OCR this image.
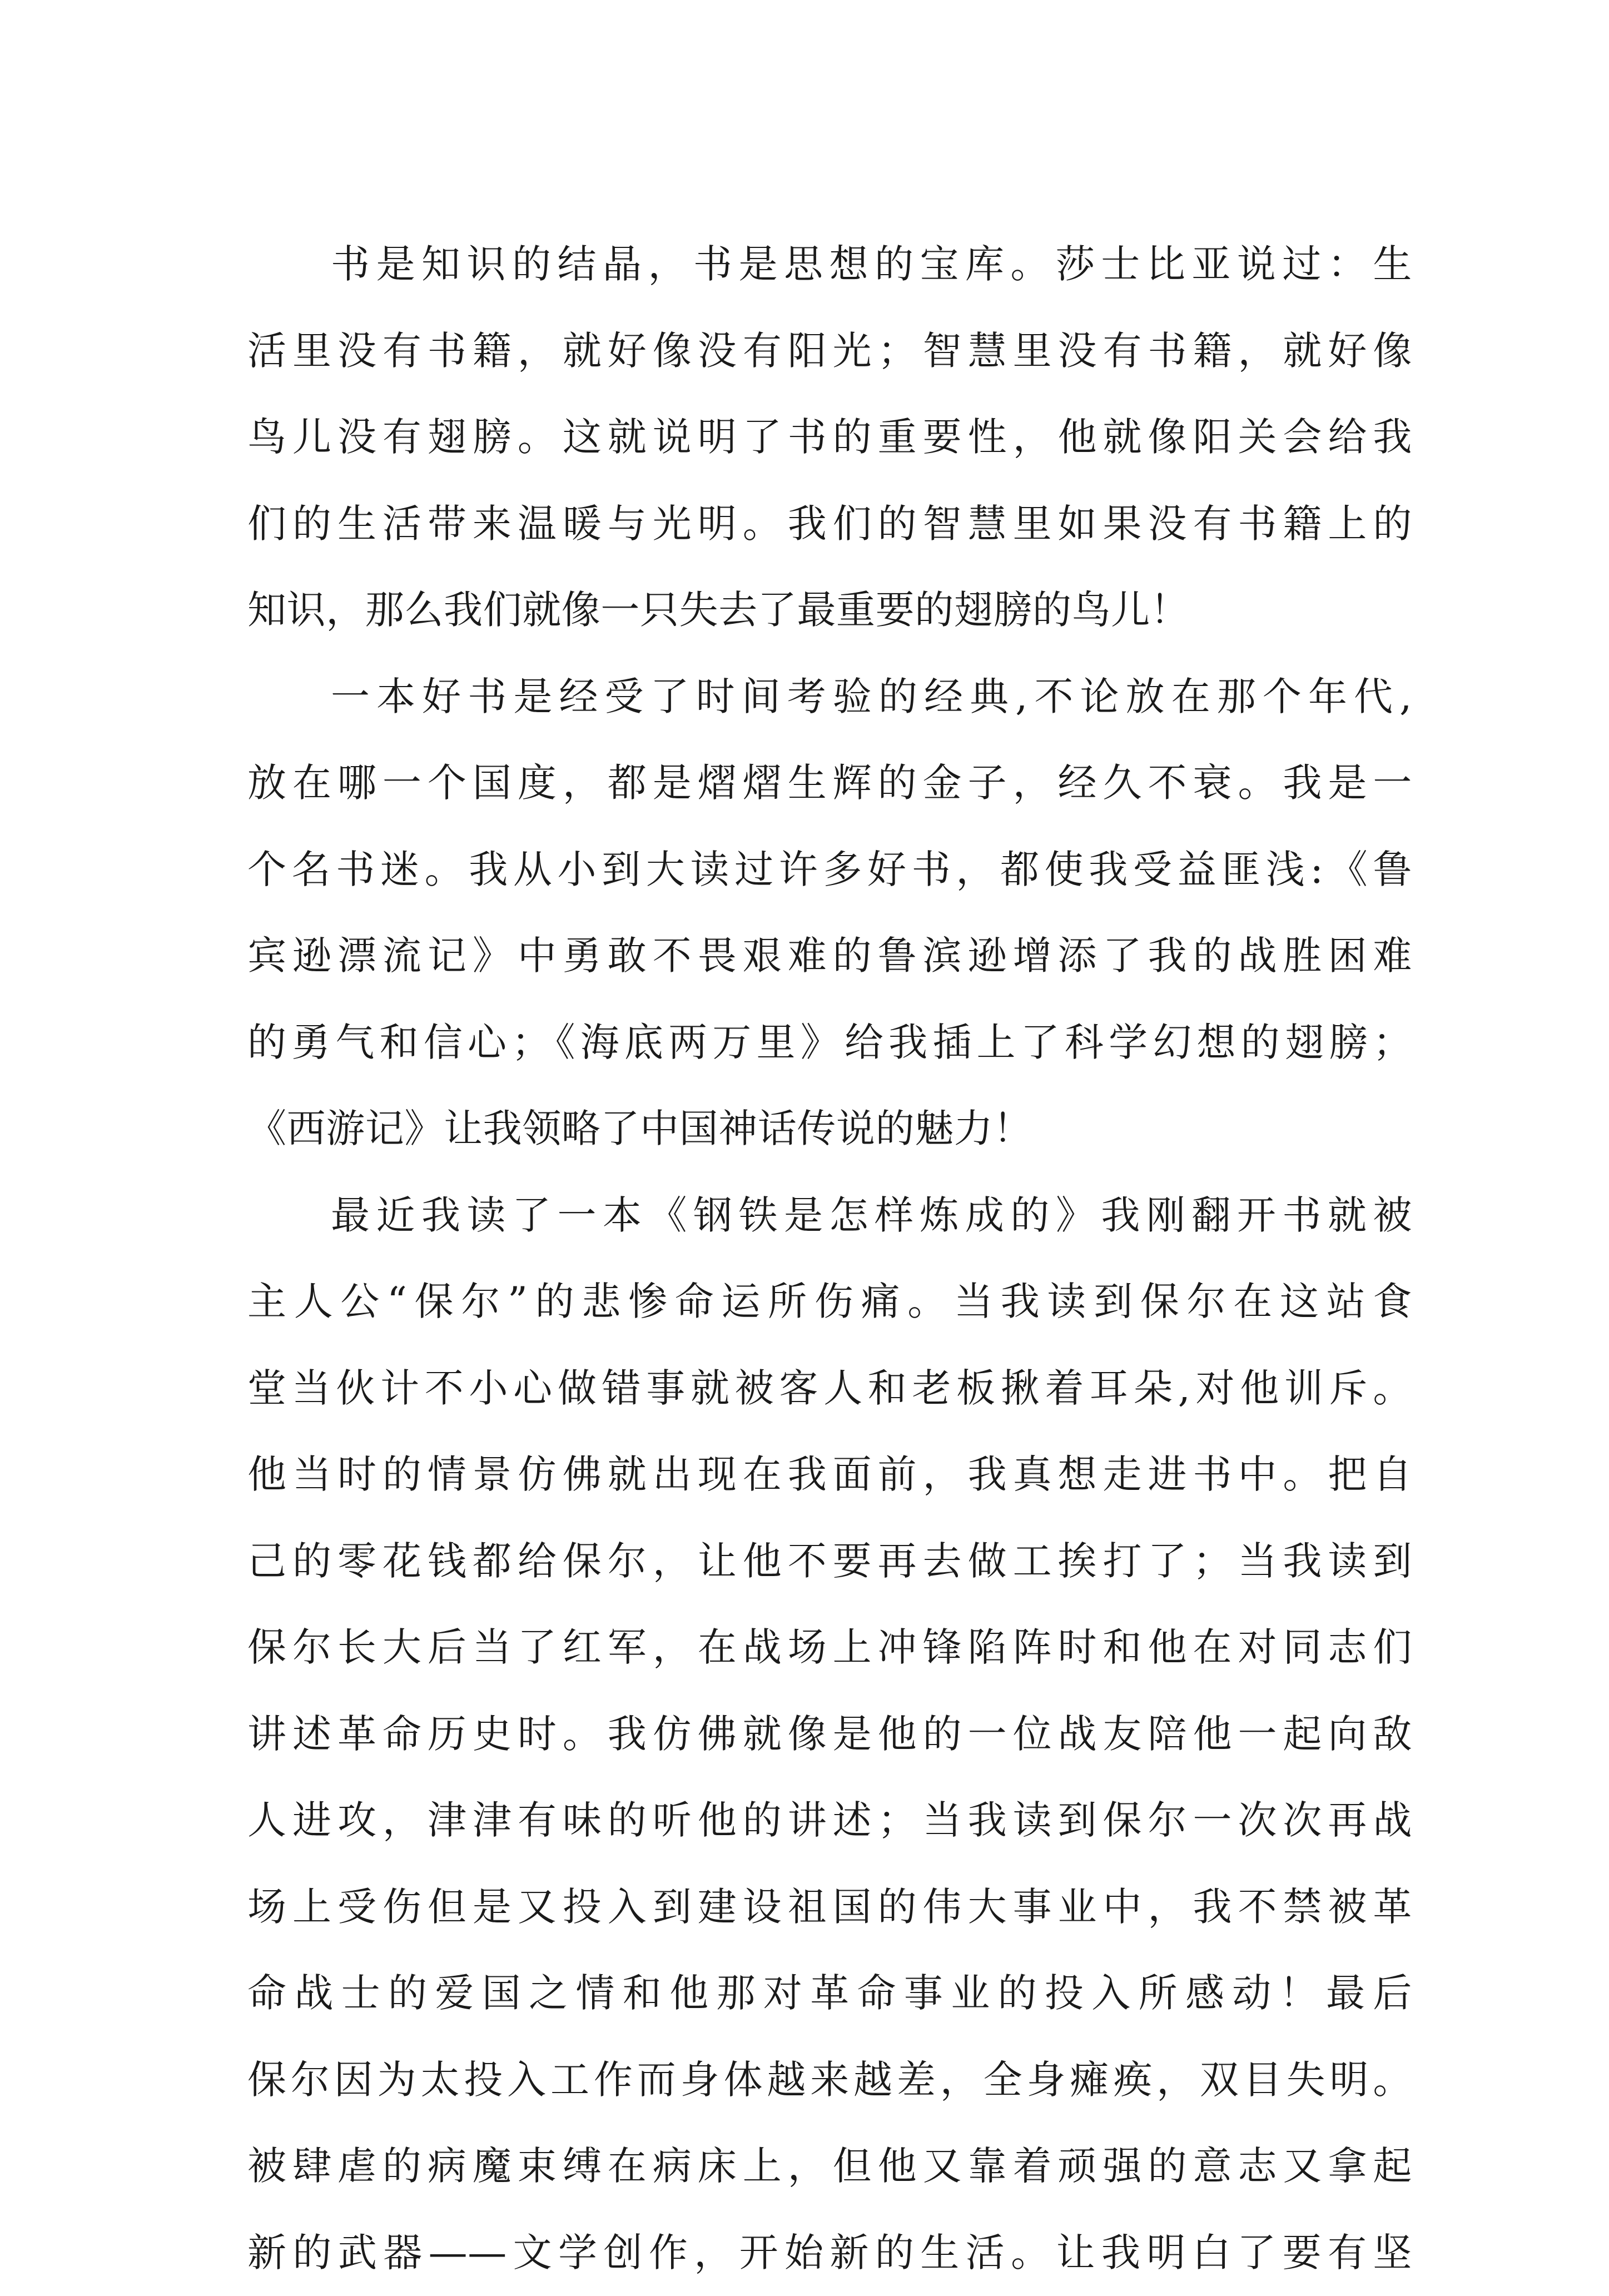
书是知识的结晶，书是思想的宝库。莎士比亚说过：生
活里没有书籍，就好像没有阳光；智慧里没有书籍，就好像
鸟儿没有翅膀。这就说明了书的重要性，他就像阳关会给我
们的生活带来温暖与光明。我们的智慧里如果没有书籍上的
知识，那么我们就像一只失去了最重要的翅膀的鸟儿！
一本好书是经受了时间考验的经典,不论放在那个年代,
放在哪一个国度，都是熠熠生辉的金子，经久不衰。我是一
个名书迷。我从小到大读过许多好书，都使我受益匪浅:《鲁
宾逊漂流记》中勇敢不畏艰难的鲁滨逊增添了我的战胜困难
的勇气和信心；《海底两万里》给我插上了科学幻想的翅膀；
《西游记》让我领略了中国神话传说的魅力！
最近我读了一本《钢铁是怎样炼成的》我刚翻开书就被
主人公“保尔”的悲惨命运所伤痛。当我读到保尔在这站食
堂当伙计不小心做错事就被客人和老板揪着耳朵,对他训斥。
他当时的情景仿佛就出现在我面前，我真想走进书中。把自
己的零花钱都给保尔，让他不要再去做工挨打了；当我读到
保尔长大后当了红军，在战场上冲锋陷阵时和他在对同志们
讲述革命历史时。我仿佛就像是他的一位战友陪他一起向敌
人进攻，津津有味的听他的讲述；当我读到保尔一次次再战
场上受伤但是又投入到建设祖国的伟大事业中，我不禁被革
命战士的爱国之情和他那对革命事业的投入所感动！最后
保尔因为太投入工作而身体越来越差，全身瘫痪，双目失明。
被肆虐的病魔束缚在病床上，但他又靠着顽强的意志又拿起
新的武器——文学创作，开始新的生活。让我明白了要有坚
